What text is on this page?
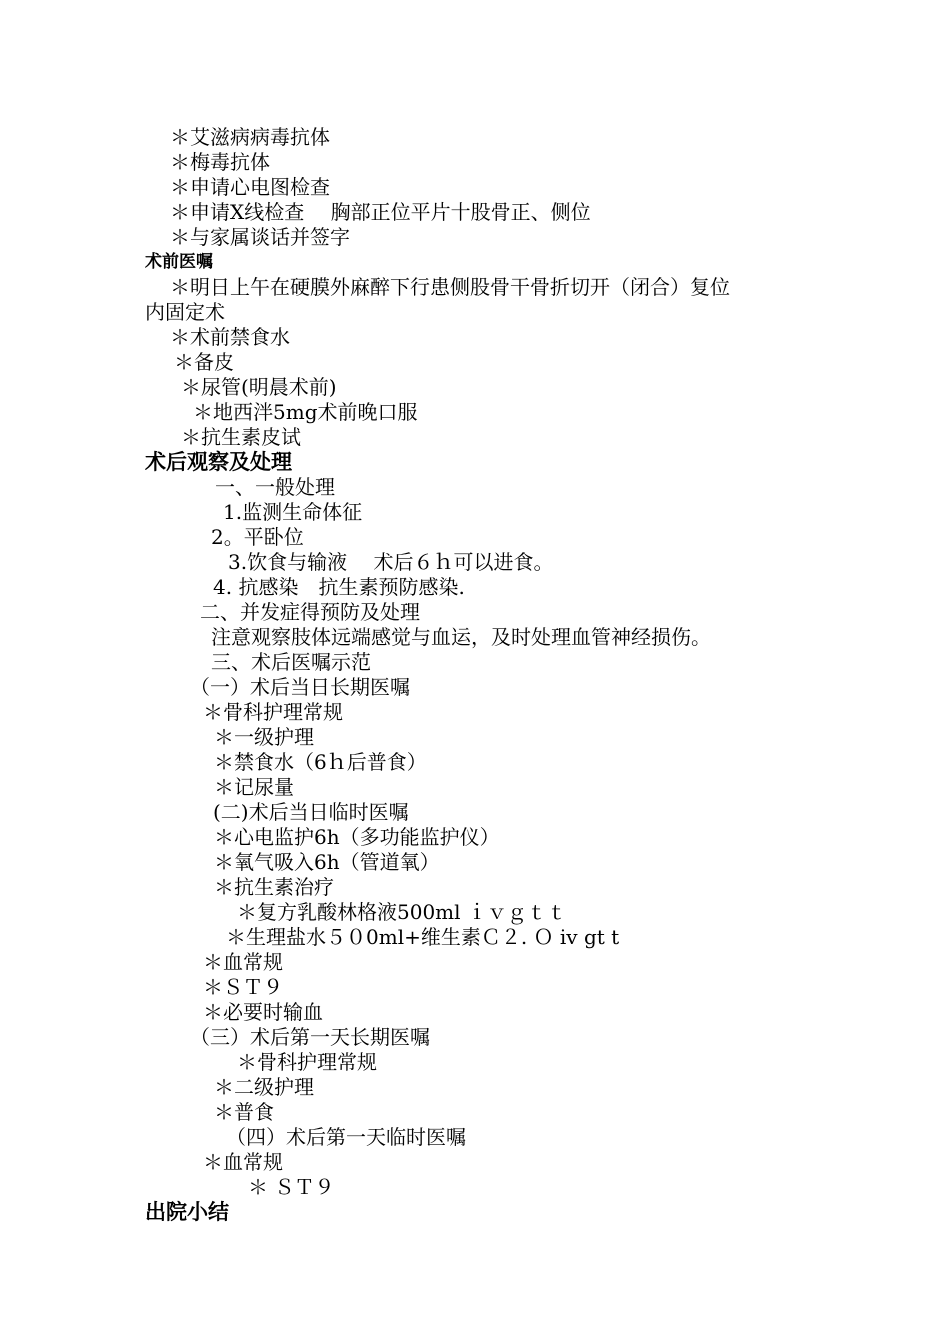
＊艾滋病病毒抗体
＊梅毒抗体
＊申请心电图检查
＊申请X线检查　 胸部正位平片十股骨正、侧位
＊与家属谈话并签字
术前医嘱
＊明日上午在硬膜外麻醉下行患侧股骨干骨折切开（闭合）复位
内固定术
＊术前禁食水
＊备皮
＊尿管(明晨术前)
＊地西泮5mg术前晚口服
＊抗生素皮试
术后观察及处理
一、一般处理
1.监测生命体征
2。平卧位
3.饮食与输液　 术后６ｈ可以进食。
4. 抗感染　抗生素预防感染.
二、并发症得预防及处理
注意观察肢体远端感觉与血运，及时处理血管神经损伤。
三、术后医嘱示范
（一）术后当日长期医嘱
＊骨科护理常规
＊一级护理
＊禁食水（6ｈ后普食）
＊记尿量
(二)术后当日临时医嘱
＊心电监护6h（多功能监护仪）
＊氧气吸入6h（管道氧）
＊抗生素治疗
＊复方乳酸林格液500ml ｉｖｇｔｔ
＊生理盐水５０0ml+维生素Ｃ２. Ｏ iv gt t
＊血常规
＊ＳＴ９
＊必要时输血
（三）术后第一天长期医嘱
＊骨科护理常规
＊二级护理
＊普食
（四）术后第一天临时医嘱
＊血常规
＊ ＳＴ９
出院小结
